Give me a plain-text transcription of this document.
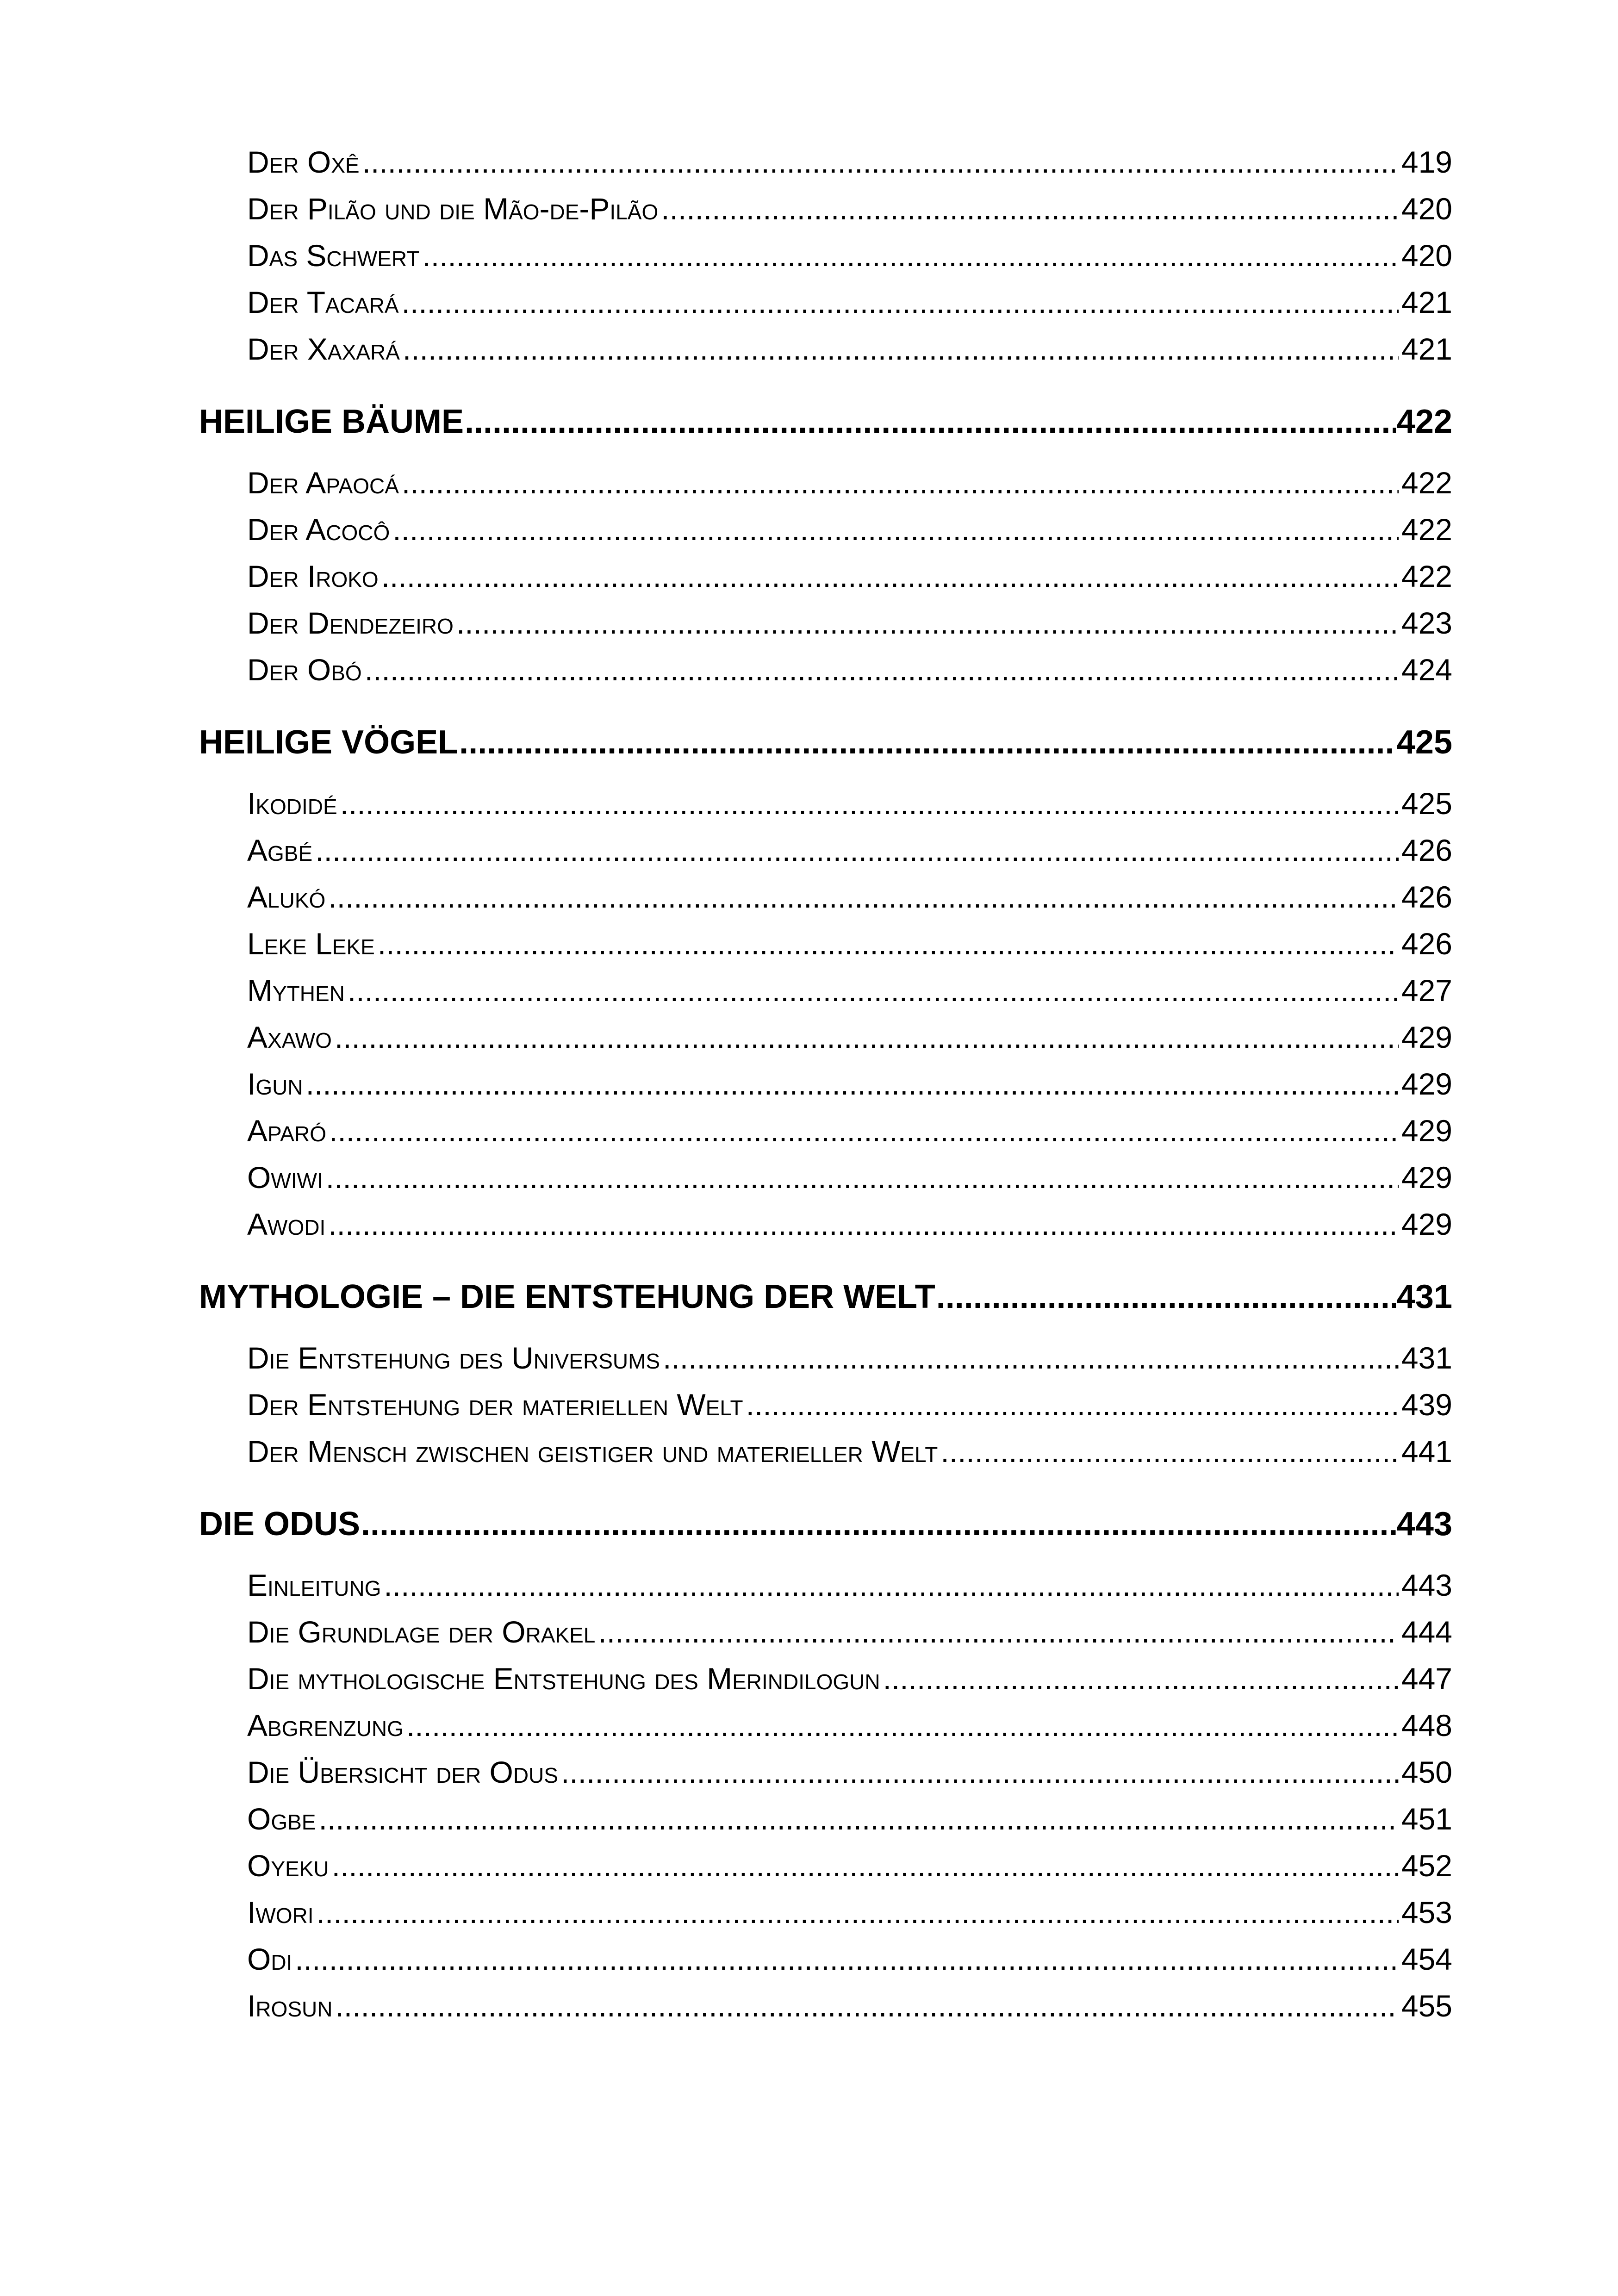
Der Oxê .....	419
Der Pilão und die Mão-de-Pilão .....	420
Das Schwert .....	420
Der Tacará .....	421
Der Xaxará .....	421
HEILIGE BÄUME .....	422
Der Apaocá .....	422
Der Acocô .....	422
Der Iroko .....	422
Der Dendezeiro .....	423
Der Obó .....	424
HEILIGE VÖGEL .....	425
Ikodidé .....	425
Agbé .....	426
Alukó .....	426
Leke Leke .....	426
Mythen .....	427
Axawo .....	429
Igun .....	429
Aparó .....	429
Owiwi .....	429
Awodi .....	429
MYTHOLOGIE – DIE ENTSTEHUNG DER WELT .....	431
Die Entstehung des Universums .....	431
Der Entstehung der materiellen Welt .....	439
Der Mensch zwischen geistiger und materieller Welt .....	441
DIE ODUS .....	443
Einleitung .....	443
Die Grundlage der Orakel .....	444
Die mythologische Entstehung des Merindilogun .....	447
Abgrenzung .....	448
Die Übersicht der Odus .....	450
Ogbe .....	451
Oyeku .....	452
Iwori .....	453
Odi .....	454
Irosun .....	455
